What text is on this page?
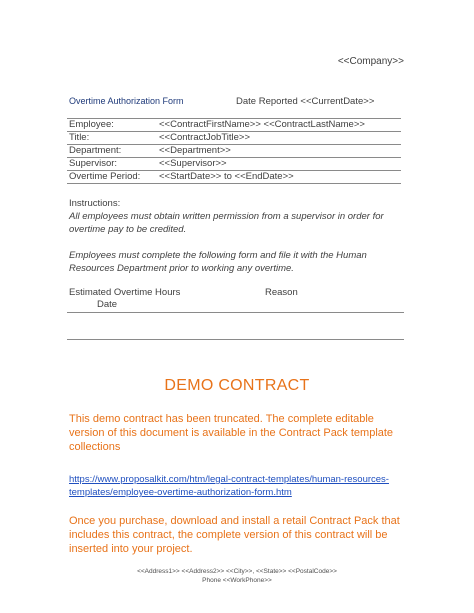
<<Company>>
Overtime Authorization Form	Date Reported <<CurrentDate>>
Employee:	<<ContractFirstName>> <<ContractLastName>>
Title:	<<ContractJobTitle>>
Department:	<<Department>>
Supervisor:	<<Supervisor>>
Overtime Period:	<<StartDate>> to <<EndDate>>
Instructions:
All employees must obtain written permission from a supervisor in order for overtime pay to be credited.
Employees must complete the following form and file it with the Human Resources Department prior to working any overtime.
Estimated Overtime Hours	Reason
Date
DEMO CONTRACT
This demo contract has been truncated. The complete editable version of this document is available in the Contract Pack template collections
https://www.proposalkit.com/htm/legal-contract-templates/human-resources-templates/employee-overtime-authorization-form.htm
Once you purchase, download and install a retail Contract Pack that includes this contract, the complete version of this contract will be inserted into your project.
<<Address1>> <<Address2>> <<City>>, <<State>> <<PostalCode>>
Phone <<WorkPhone>>
